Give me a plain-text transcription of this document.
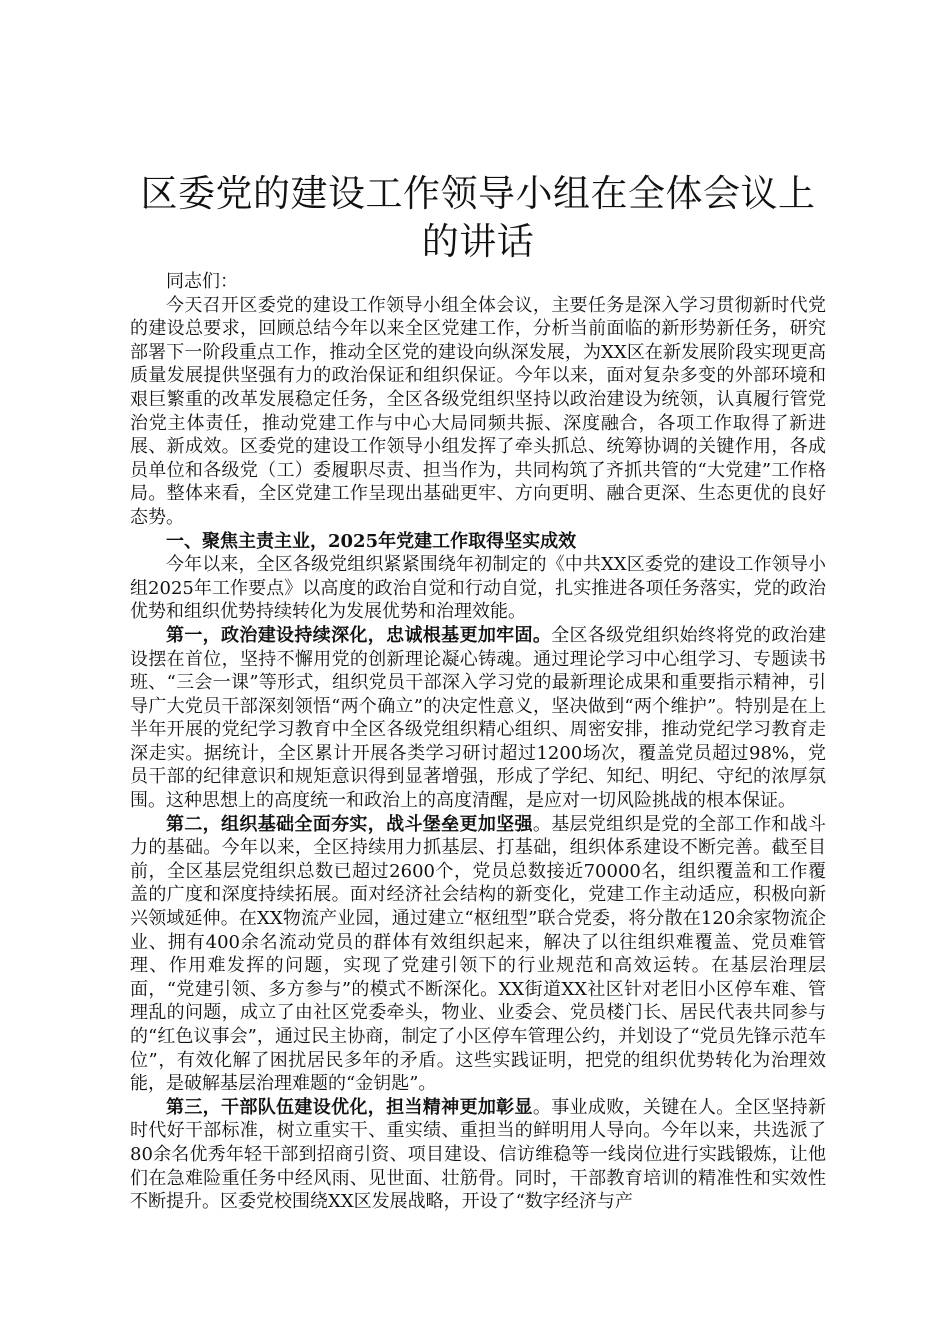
区委党的建设工作领导小组在全体会议上的讲话

同志们：

今天召开区委党的建设工作领导小组全体会议，主要任务是深入学习贯彻新时代党的建设总要求，回顾总结今年以来全区党建工作，分析当前面临的新形势新任务，研究部署下一阶段重点工作，推动全区党的建设向纵深发展，为XX区在新发展阶段实现更高质量发展提供坚强有力的政治保证和组织保证。今年以来，面对复杂多变的外部环境和艰巨繁重的改革发展稳定任务，全区各级党组织坚持以政治建设为统领，认真履行管党治党主体责任，推动党建工作与中心大局同频共振、深度融合，各项工作取得了新进展、新成效。区委党的建设工作领导小组发挥了牵头抓总、统筹协调的关键作用，各成员单位和各级党（工）委履职尽责、担当作为，共同构筑了齐抓共管的“大党建”工作格局。整体来看，全区党建工作呈现出基础更牢、方向更明、融合更深、生态更优的良好态势。

一、聚焦主责主业，2025年党建工作取得坚实成效

今年以来，全区各级党组织紧紧围绕年初制定的《中共XX区委党的建设工作领导小组2025年工作要点》以高度的政治自觉和行动自觉，扎实推进各项任务落实，党的政治优势和组织优势持续转化为发展优势和治理效能。

第一，政治建设持续深化，忠诚根基更加牢固。全区各级党组织始终将党的政治建设摆在首位，坚持不懈用党的创新理论凝心铸魂。通过理论学习中心组学习、专题读书班、“三会一课”等形式，组织党员干部深入学习党的最新理论成果和重要指示精神，引导广大党员干部深刻领悟“两个确立”的决定性意义，坚决做到“两个维护”。特别是在上半年开展的党纪学习教育中全区各级党组织精心组织、周密安排，推动党纪学习教育走深走实。据统计，全区累计开展各类学习研讨超过1200场次，覆盖党员超过98%，党员干部的纪律意识和规矩意识得到显著增强，形成了学纪、知纪、明纪、守纪的浓厚氛围。这种思想上的高度统一和政治上的高度清醒，是应对一切风险挑战的根本保证。

第二，组织基础全面夯实，战斗堡垒更加坚强。基层党组织是党的全部工作和战斗力的基础。今年以来，全区持续用力抓基层、打基础，组织体系建设不断完善。截至目前，全区基层党组织总数已超过2600个，党员总数接近70000名，组织覆盖和工作覆盖的广度和深度持续拓展。面对经济社会结构的新变化，党建工作主动适应，积极向新兴领域延伸。在XX物流产业园，通过建立“枢纽型”联合党委，将分散在120余家物流企业、拥有400余名流动党员的群体有效组织起来，解决了以往组织难覆盖、党员难管理、作用难发挥的问题，实现了党建引领下的行业规范和高效运转。在基层治理层面，“党建引领、多方参与”的模式不断深化。XX街道XX社区针对老旧小区停车难、管理乱的问题，成立了由社区党委牵头，物业、业委会、党员楼门长、居民代表共同参与的“红色议事会”，通过民主协商，制定了小区停车管理公约，并划设了“党员先锋示范车位”，有效化解了困扰居民多年的矛盾。这些实践证明，把党的组织优势转化为治理效能，是破解基层治理难题的“金钥匙”。

第三，干部队伍建设优化，担当精神更加彰显。事业成败，关键在人。全区坚持新时代好干部标准，树立重实干、重实绩、重担当的鲜明用人导向。今年以来，共选派了80余名优秀年轻干部到招商引资、项目建设、信访维稳等一线岗位进行实践锻炼，让他们在急难险重任务中经风雨、见世面、壮筋骨。同时，干部教育培训的精准性和实效性不断提升。区委党校围绕XX区发展战略，开设了“数字经济与产
